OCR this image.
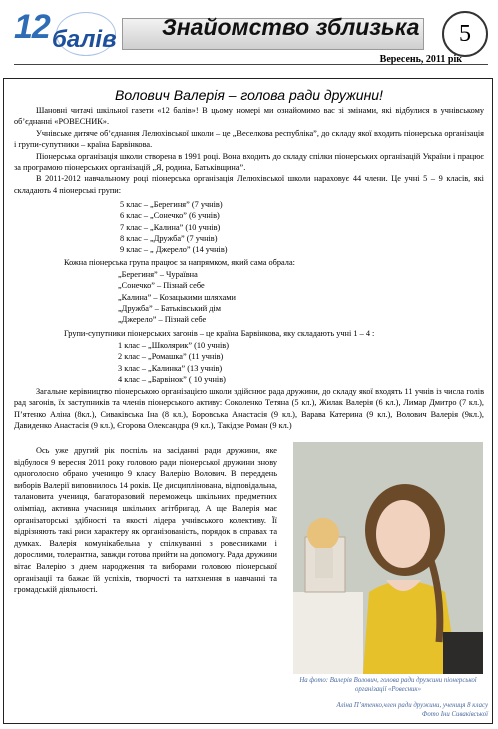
12 балів Знайомство зблизька	5
Вересень, 2011 рік
Волович Валерія – голова ради дружини!

Шановні читачі шкільної газети «12 балів»! В цьому номері ми ознайомимо вас зі змінами, які відбулися в учнівському об’єднанні «РОВЕСНИК».

Учнівське дитяче об’єднання Лелюхівської школи – це „Веселкова республіка”, до складу якої входить піонерська організація і групи-супутники – країна Барвінкова.

Піонерська організація школи створена в 1991 році. Вона входить до складу спілки піонерських організацій України і працює за програмою піонерських організацій „Я, родина, Батьківщина”.

В 2011-2012 навчальному році піонерська організація Лелюхівської школи нараховує 44 члени. Це учні 5 – 9 класів, які складають 4 піонерські групи:

5 клас – „Берегиня” (7 учнів)
6 клас – „Сонечко” (6 учнів)
7 клас – „Калина” (10 учнів)
8 клас – „Дружба” (7 учнів)
9 клас – „ Джерело” (14 учнів)
Кожна піонерська група працює за напрямком, який сама обрала:
„Берегиня” – Чураївна
„Сонечко” – Пізнай себе
„Калина” – Козацькими шляхами
„Дружба” – Батьківський дім
„Джерело” – Пізнай себе
Групи-супутники піонерських загонів – це країна Барвінкова, яку складають учні 1 – 4 :
1 клас – „Школярик” (10 учнів)
2 клас – „Ромашка” (11 учнів)
3 клас – „Калинка” (13 учнів)
4 клас – „Барвінок” ( 10 учнів)

Загальне керівництво піонерською організацією школи здійснює рада дружини, до складу якої входять 11 учнів із числа голів рад загонів, їх заступників та членів піонерського активу: Соколенко Тетяна (5 кл.), Жилак Валерія (6 кл.), Лимар Дмитро (7 кл.), П’ятенко Аліна (8кл.), Сиваківська Іна (8 кл.), Боровська Анастасія (9 кл.), Варава Катерина (9 кл.), Волович Валерія (9кл.), Давиденко Анастасія (9 кл.), Єгорова Олександра (9 кл.), Такідзе Роман (9 кл.)

Ось уже другий рік поспіль на засіданні ради дружини, яке відбулося 9 вересня 2011 року головою ради піонерської дружини знову одноголосно обрано ученицю 9 класу Валерію Волович. В переддень виборів Валерії виповнилось 14 років. Це дисциплінована, відповідальна, талановита учениця, багаторазовий переможець шкільних предметних олімпіад, активна учасниця шкільних агітбригад. А ще Валерія має організаторські здібності та якості лідера учнівського колективу. Її відрізняють такі риси характеру як організованість, порядок в справах та думках. Валерія комунікабельна у спілкуванні з ровесниками і дорослими, толерантна, завжди готова прийти на допомогу. Рада дружини вітає Валерію з днем народження та виборами головою піонерської організації та бажає їй успіхів, творчості та натхнення в навчанні та громадській діяльності.

На фото: Валерія Волович, голова ради дружини піонерської організації «Ровесник»
Аліна П’ятенко,член ради дружини, учениця 8 класу
Фото Іни Сиваківської
